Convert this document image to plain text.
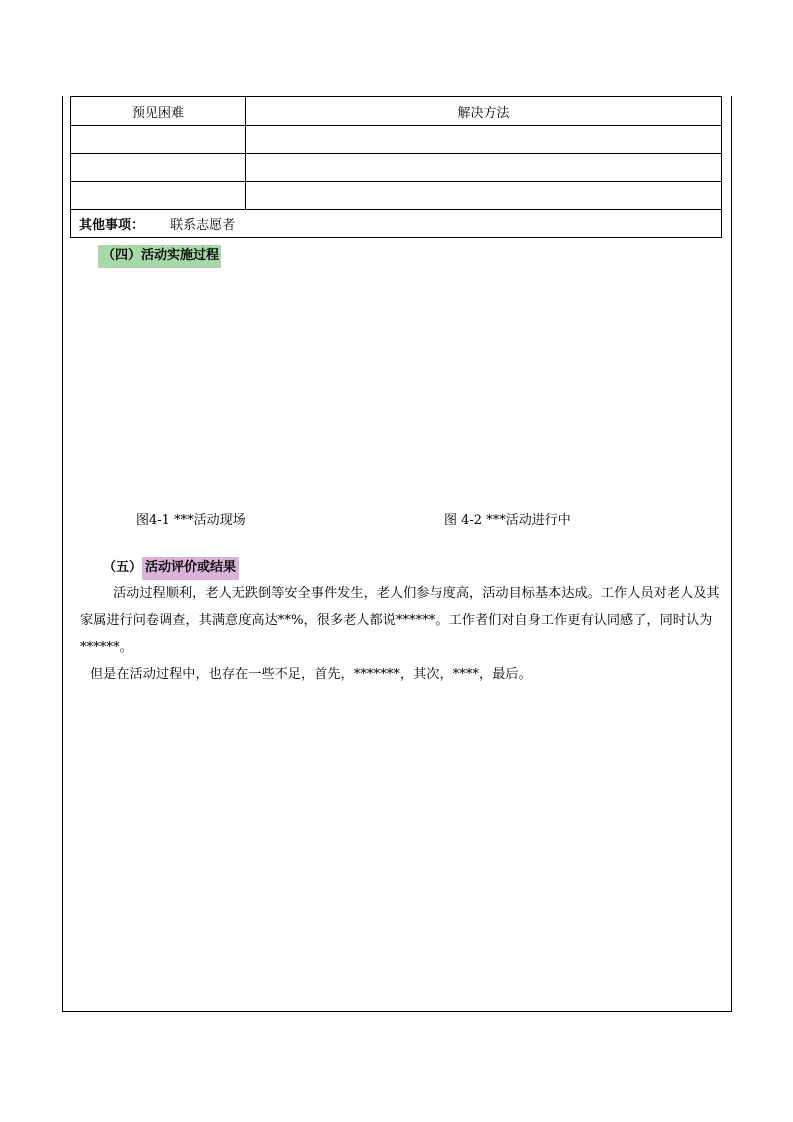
预见困难	解决方法

其他事项： 联系志愿者	
（四）活动实施过程
图4-1 ***活动现场	图 4-2 ***活动进行中
（五） 活动评价或结果

活动过程顺利，老人无跌倒等安全事件发生，老人们参与度高，活动目标基本达成。工作人员对老人及其家属进行问卷调查，其满意度高达**%，很多老人都说******。工作者们对自身工作更有认同感了，同时认为******。

但是在活动过程中，也存在一些不足，首先，*******，其次，****，最后。
